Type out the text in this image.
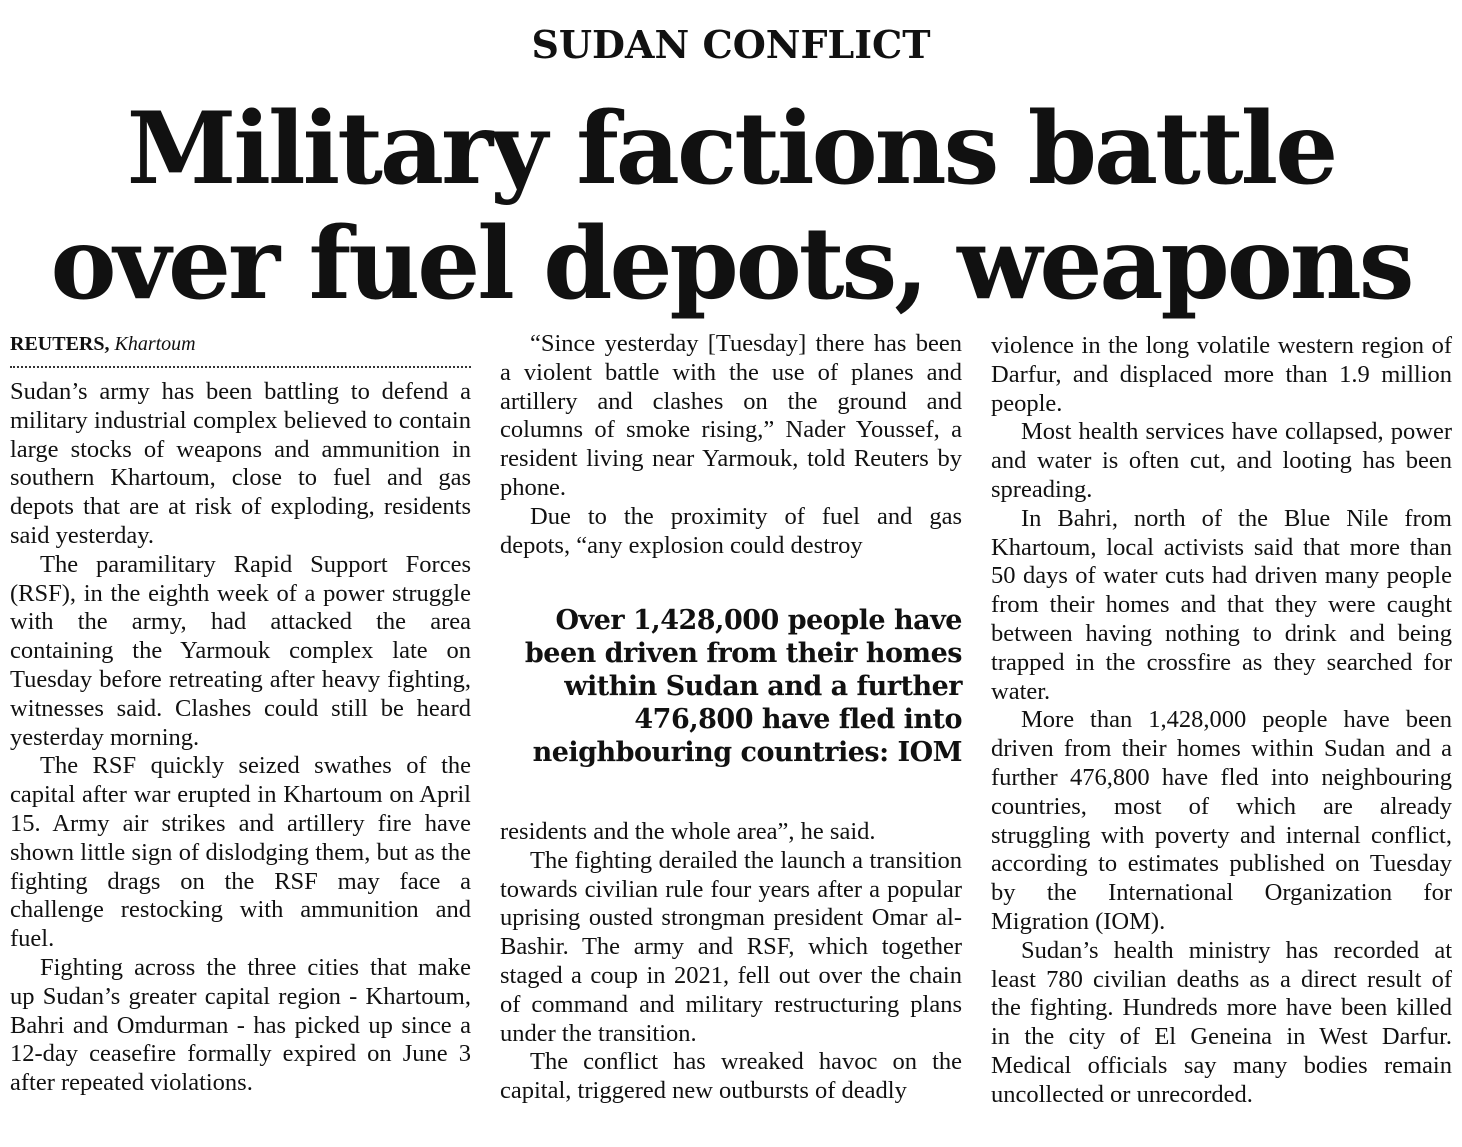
SUDAN CONFLICT
Military factions battle over fuel depots, weapons
REUTERS, Khartoum

Sudan’s army has been battling to defend a military industrial complex believed to contain large stocks of weapons and ammunition in southern Khartoum, close to fuel and gas depots that are at risk of exploding, residents said yesterday.

The paramilitary Rapid Support Forces (RSF), in the eighth week of a power struggle with the army, had attacked the area containing the Yarmouk complex late on Tuesday before retreating after heavy fighting, witnesses said. Clashes could still be heard yesterday morning.

The RSF quickly seized swathes of the capital after war erupted in Khartoum on April 15. Army air strikes and artillery fire have shown little sign of dislodging them, but as the fighting drags on the RSF may face a challenge restocking with ammunition and fuel.

Fighting across the three cities that make up Sudan’s greater capital region - Khartoum, Bahri and Omdurman - has picked up since a 12-day ceasefire formally expired on June 3 after repeated violations.

“Since yesterday [Tuesday] there has been a violent battle with the use of planes and artillery and clashes on the ground and columns of smoke rising,” Nader Youssef, a resident living near Yarmouk, told Reuters by phone.

Due to the proximity of fuel and gas depots, “any explosion could destroy

Over 1,428,000 people have been driven from their homes within Sudan and a further 476,800 have fled into neighbouring countries: IOM

residents and the whole area”, he said.

The fighting derailed the launch a transition towards civilian rule four years after a popular uprising ousted strongman president Omar al-Bashir. The army and RSF, which together staged a coup in 2021, fell out over the chain of command and military restructuring plans under the transition.

The conflict has wreaked havoc on the capital, triggered new outbursts of deadly

violence in the long volatile western region of Darfur, and displaced more than 1.9 million people.

Most health services have collapsed, power and water is often cut, and looting has been spreading.

In Bahri, north of the Blue Nile from Khartoum, local activists said that more than 50 days of water cuts had driven many people from their homes and that they were caught between having nothing to drink and being trapped in the crossfire as they searched for water.

More than 1,428,000 people have been driven from their homes within Sudan and a further 476,800 have fled into neighbouring countries, most of which are already struggling with poverty and internal conflict, according to estimates published on Tuesday by the International Organization for Migration (IOM).

Sudan’s health ministry has recorded at least 780 civilian deaths as a direct result of the fighting. Hundreds more have been killed in the city of El Geneina in West Darfur. Medical officials say many bodies remain uncollected or unrecorded.
